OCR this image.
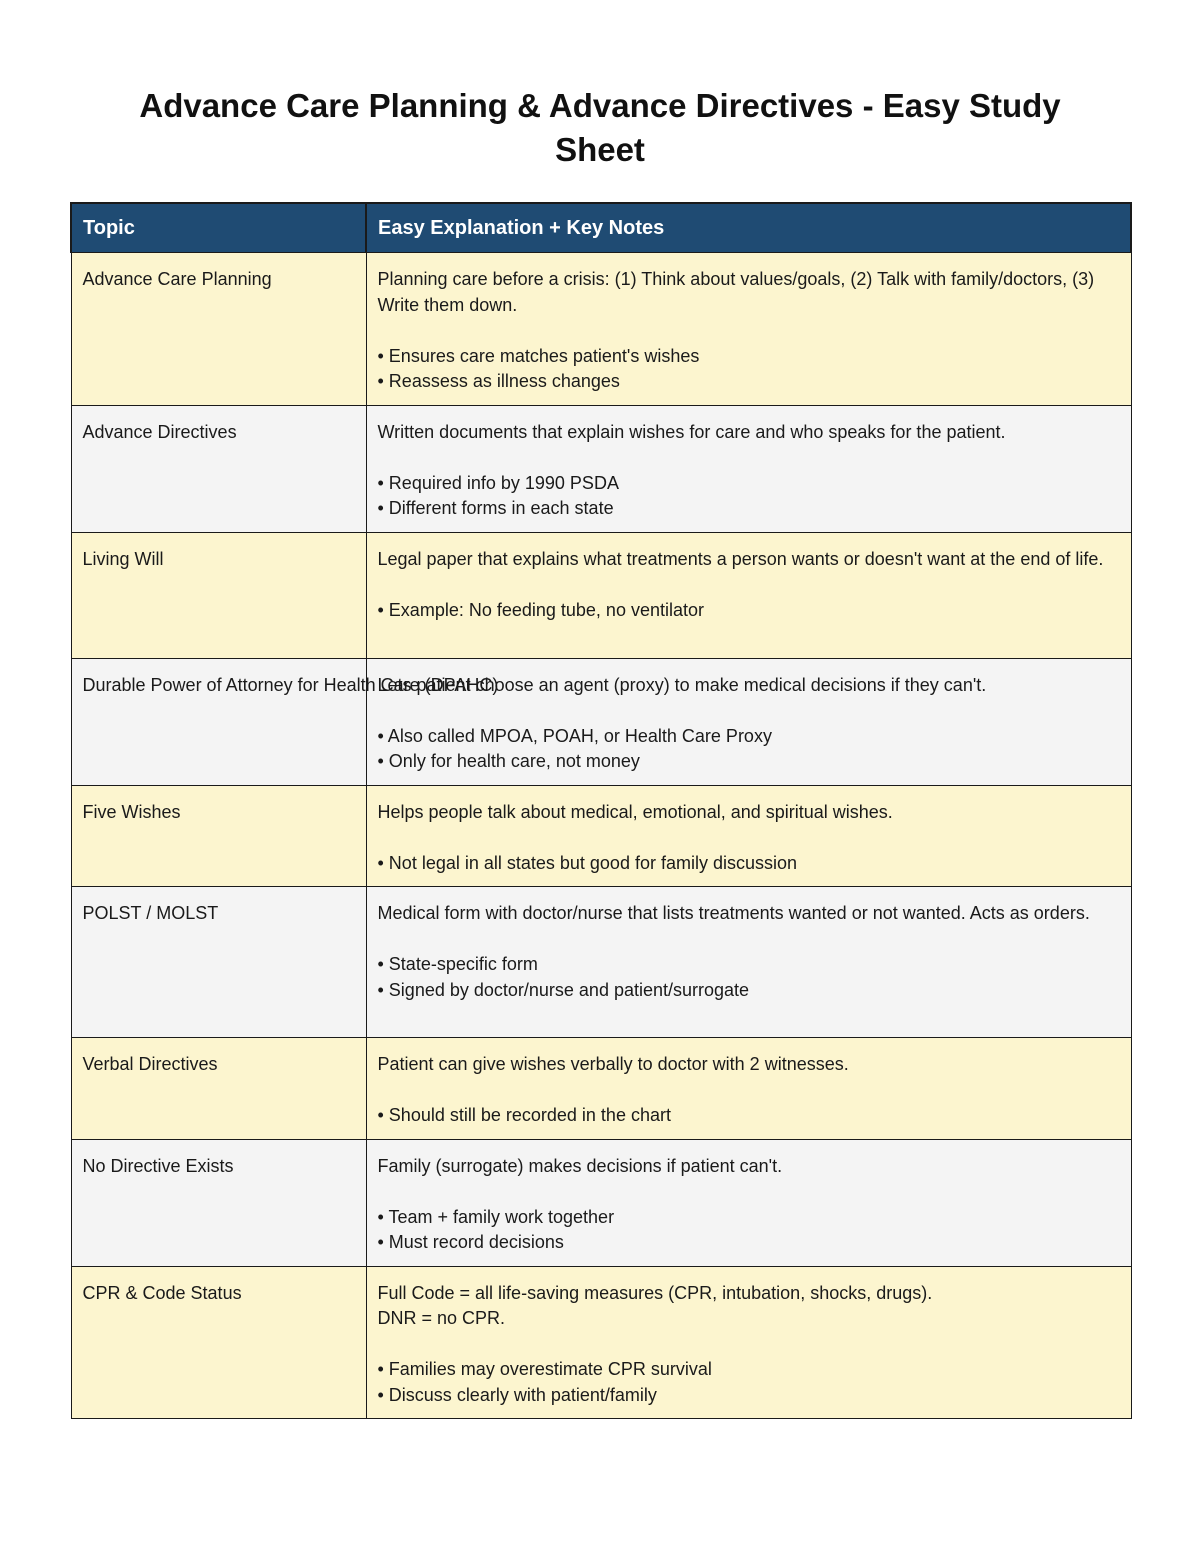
Advance Care Planning & Advance Directives - Easy Study Sheet
Topic	Easy Explanation + Key Notes
Advance Care Planning	Planning care before a crisis: (1) Think about values/goals, (2) Talk with family/doctors, (3) Write them down.
• Ensures care matches patient's wishes
• Reassess as illness changes

Advance Directives	Written documents that explain wishes for care and who speaks for the patient.
• Required info by 1990 PSDA
• Different forms in each state

Living Will	Legal paper that explains what treatments a person wants or doesn't want at the end of life.
• Example: No feeding tube, no ventilator

Durable Power of Attorney for Health Care (DPAHC)	Lets patient choose an agent (proxy) to make medical decisions if they can't.
• Also called MPOA, POAH, or Health Care Proxy
• Only for health care, not money

Five Wishes	Helps people talk about medical, emotional, and spiritual wishes.
• Not legal in all states but good for family discussion

POLST / MOLST	Medical form with doctor/nurse that lists treatments wanted or not wanted. Acts as orders.
• State-specific form
• Signed by doctor/nurse and patient/surrogate

Verbal Directives	Patient can give wishes verbally to doctor with 2 witnesses.
• Should still be recorded in the chart

No Directive Exists	Family (surrogate) makes decisions if patient can't.
• Team + family work together
• Must record decisions

CPR & Code Status	Full Code = all life-saving measures (CPR, intubation, shocks, drugs).
DNR = no CPR.
• Families may overestimate CPR survival
• Discuss clearly with patient/family
